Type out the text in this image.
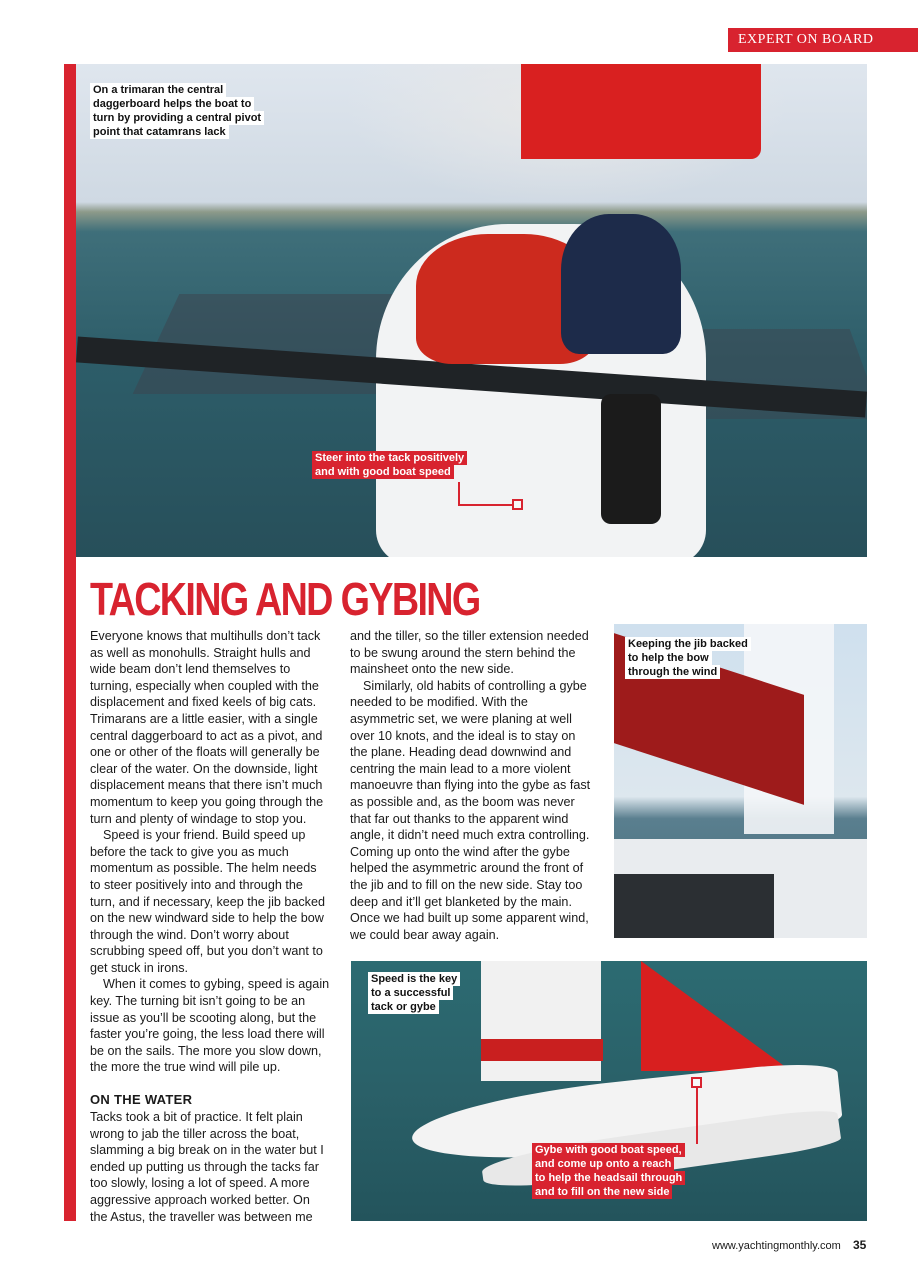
EXPERT ON BOARD
On a trimaran the central
daggerboard helps the boat to
turn by providing a central pivot
point that catamrans lack
Steer into the tack positively
and with good boat speed
TACKING AND GYBING

Everyone knows that multihulls don’t tack as well as monohulls. Straight hulls and wide beam don’t lend themselves to turning, especially when coupled with the displacement and fixed keels of big cats. Trimarans are a little easier, with a single central daggerboard to act as a pivot, and one or other of the floats will generally be clear of the water. On the downside, light displacement means that there isn’t much momentum to keep you going through the turn and plenty of windage to stop you.

Speed is your friend. Build speed up before the tack to give you as much momentum as possible. The helm needs to steer positively into and through the turn, and if necessary, keep the jib backed on the new windward side to help the bow through the wind. Don’t worry about scrubbing speed off, but you don’t want to get stuck in irons.

When it comes to gybing, speed is again key. The turning bit isn’t going to be an issue as you’ll be scooting along, but the faster you’re going, the less load there will be on the sails. The more you slow down, the more the true wind will pile up.

ON THE WATER

Tacks took a bit of practice. It felt plain wrong to jab the tiller across the boat, slamming a big break on in the water but I ended up putting us through the tacks far too slowly, losing a lot of speed. A more aggressive approach worked better. On the Astus, the traveller was between me

and the tiller, so the tiller extension needed to be swung around the stern behind the mainsheet onto the new side.

Similarly, old habits of controlling a gybe needed to be modified. With the asymmetric set, we were planing at well over 10 knots, and the ideal is to stay on the plane. Heading dead downwind and centring the main lead to a more violent manoeuvre than flying into the gybe as fast as possible and, as the boom was never that far out thanks to the apparent wind angle, it didn’t need much extra controlling. Coming up onto the wind after the gybe helped the asymmetric around the front of the jib and to fill on the new side. Stay too deep and it’ll get blanketed by the main. Once we had built up some apparent wind, we could bear away again.

Keeping the jib backed
to help the bow
through the wind
Speed is the key
to a successful
tack or gybe
Gybe with good boat speed,
and come up onto a reach
to help the headsail through
and to fill on the new side
www.yachtingmonthly.com 35
